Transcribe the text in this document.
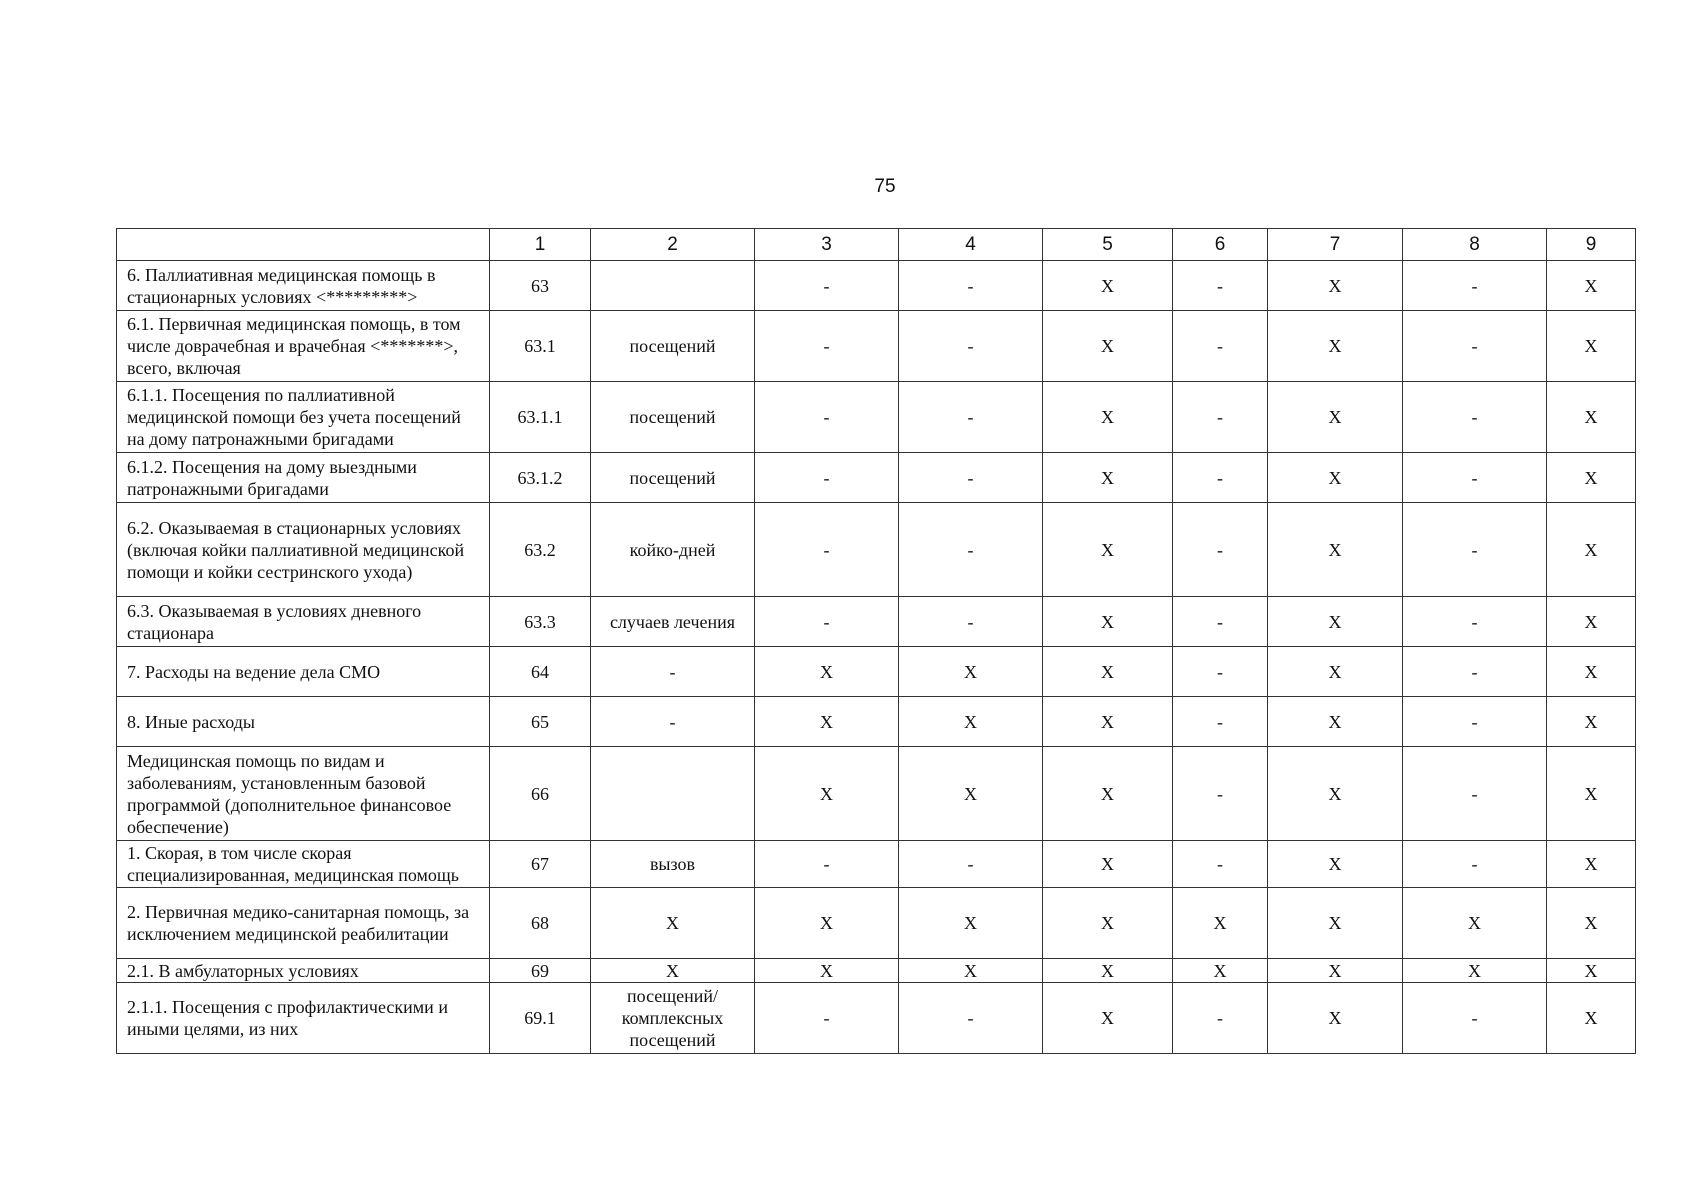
75
	1	2	3	4	5	6	7	8	9
6. Паллиативная медицинская помощь в стационарных условиях <*********>	63		-	-	X	-	X	-	X
6.1. Первичная медицинская помощь, в том числе доврачебная и врачебная <*******>, всего, включая	63.1	посещений	-	-	X	-	X	-	X
6.1.1. Посещения по паллиативной медицинской помощи без учета посещений на дому патронажными бригадами	63.1.1	посещений	-	-	X	-	X	-	X
6.1.2. Посещения на дому выездными патронажными бригадами	63.1.2	посещений	-	-	X	-	X	-	X
6.2. Оказываемая в стационарных условиях (включая койки паллиативной медицинской помощи и койки сестринского ухода)	63.2	койко-дней	-	-	X	-	X	-	X
6.3. Оказываемая в условиях дневного стационара	63.3	случаев лечения	-	-	X	-	X	-	X
7. Расходы на ведение дела СМО	64	-	X	X	X	-	X	-	X
8. Иные расходы	65	-	X	X	X	-	X	-	X
Медицинская помощь по видам и заболеваниям, установленным базовой программой (дополнительное финансовое обеспечение)	66		X	X	X	-	X	-	X
1. Скорая, в том числе скорая специализированная, медицинская помощь	67	вызов	-	-	X	-	X	-	X
2. Первичная медико-санитарная помощь, за исключением медицинской реабилитации	68	X	X	X	X	X	X	X	X
2.1. В амбулаторных условиях	69	X	X	X	X	X	X	X	X
2.1.1. Посещения с профилактическими и иными целями, из них	69.1	посещений/комплексных посещений	-	-	X	-	X	-	X
